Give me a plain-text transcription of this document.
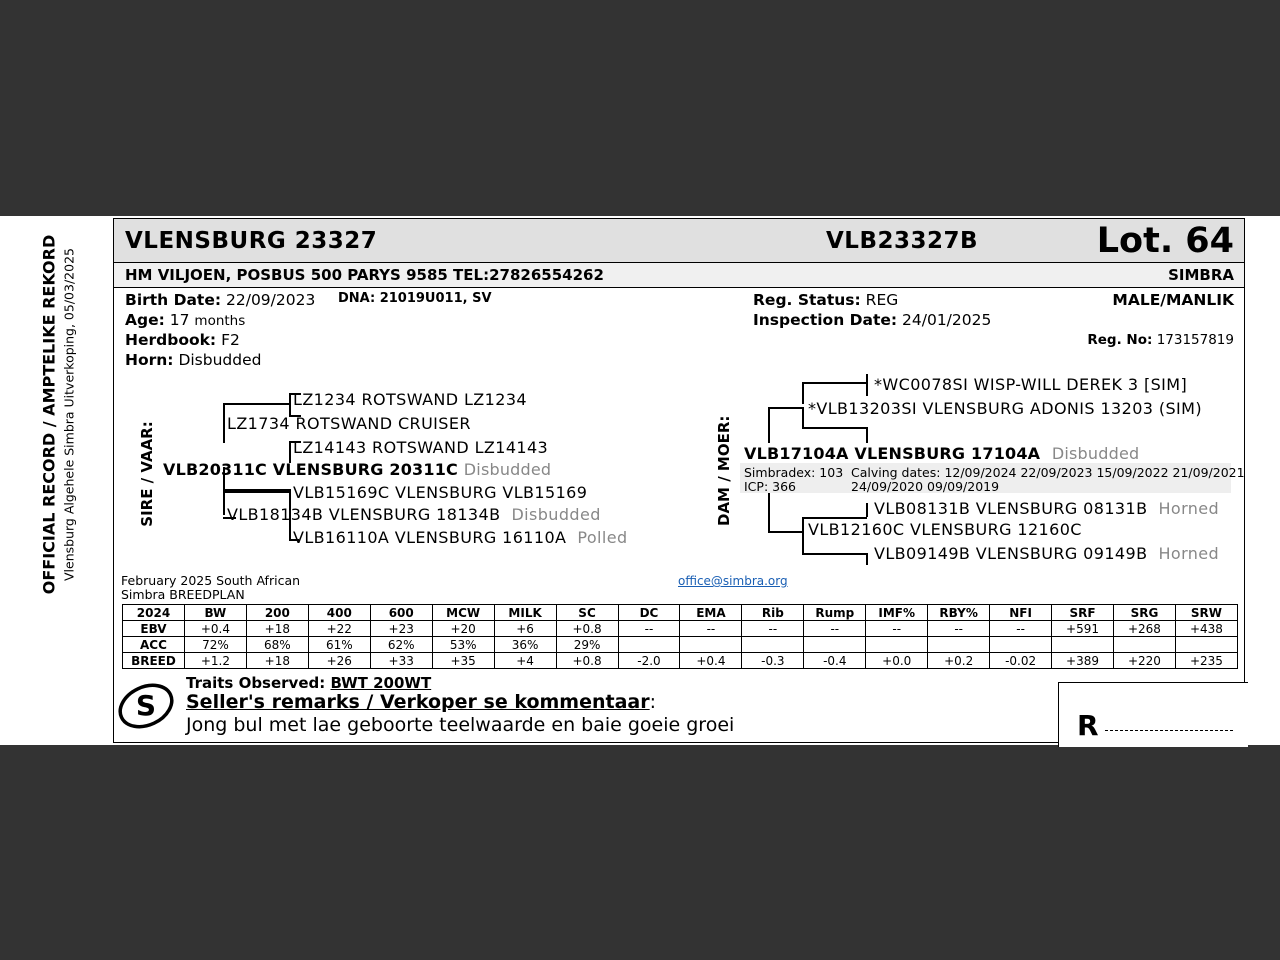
OFFICIAL RECORD / AMPTELIKE REKORD Vlensburg Algehele Simbra Uitverkoping, 05/03/2025
VLENSBURG 23327	VLB23327B	Lot. 64
HM VILJOEN, POSBUS 500 PARYS 9585 TEL:27826554262	SIMBRA
Birth Date: 22/09/2023 DNA: 21019U011, SV
Age: 17 months
Herdbook: F2
Horn: Disbudded
Reg. Status: REG
Inspection Date: 24/01/2025
MALE/MANLIK
Reg. No: 173157819
SIRE / VAAR:
LZ1234 ROTSWAND LZ1234
LZ1734 ROTSWAND CRUISER
LZ14143 ROTSWAND LZ14143
VLB20311C VLENSBURG 20311C Disbudded
VLB15169C VLENSBURG VLB15169
VLB18134B VLENSBURG 18134B Disbudded
VLB16110A VLENSBURG 16110A Polled
DAM / MOER:
*WC0078SI WISP-WILL DEREK 3 [SIM]
*VLB13203SI VLENSBURG ADONIS 13203 (SIM)
VLB17104A VLENSBURG 17104A Disbudded
Simbradex: 103
ICP: 366
Calving dates: 12/09/2024 22/09/2023 15/09/2022 21/09/2021
24/09/2020 09/09/2019
VLB08131B VLENSBURG 08131B Horned
VLB12160C VLENSBURG 12160C
VLB09149B VLENSBURG 09149B Horned
February 2025 South African
Simbra BREEDPLAN
office@simbra.org
2024	BW	200	400	600	MCW	MILK	SC	DC	EMA	Rib	Rump	IMF%	RBY%	NFI	SRF	SRG	SRW
EBV	+0.4	+18	+22	+23	+20	+6	+0.8	--	--	--	--	--	--	--	+591	+268	+438
ACC	72%	68%	61%	62%	53%	36%	29%										
BREED	+1.2	+18	+26	+33	+35	+4	+0.8	-2.0	+0.4	-0.3	-0.4	+0.0	+0.2	-0.02	+389	+220	+235
S
Traits Observed: BWT 200WT
Seller's remarks / Verkoper se kommentaar:
Jong bul met lae geboorte teelwaarde en baie goeie groei	R
